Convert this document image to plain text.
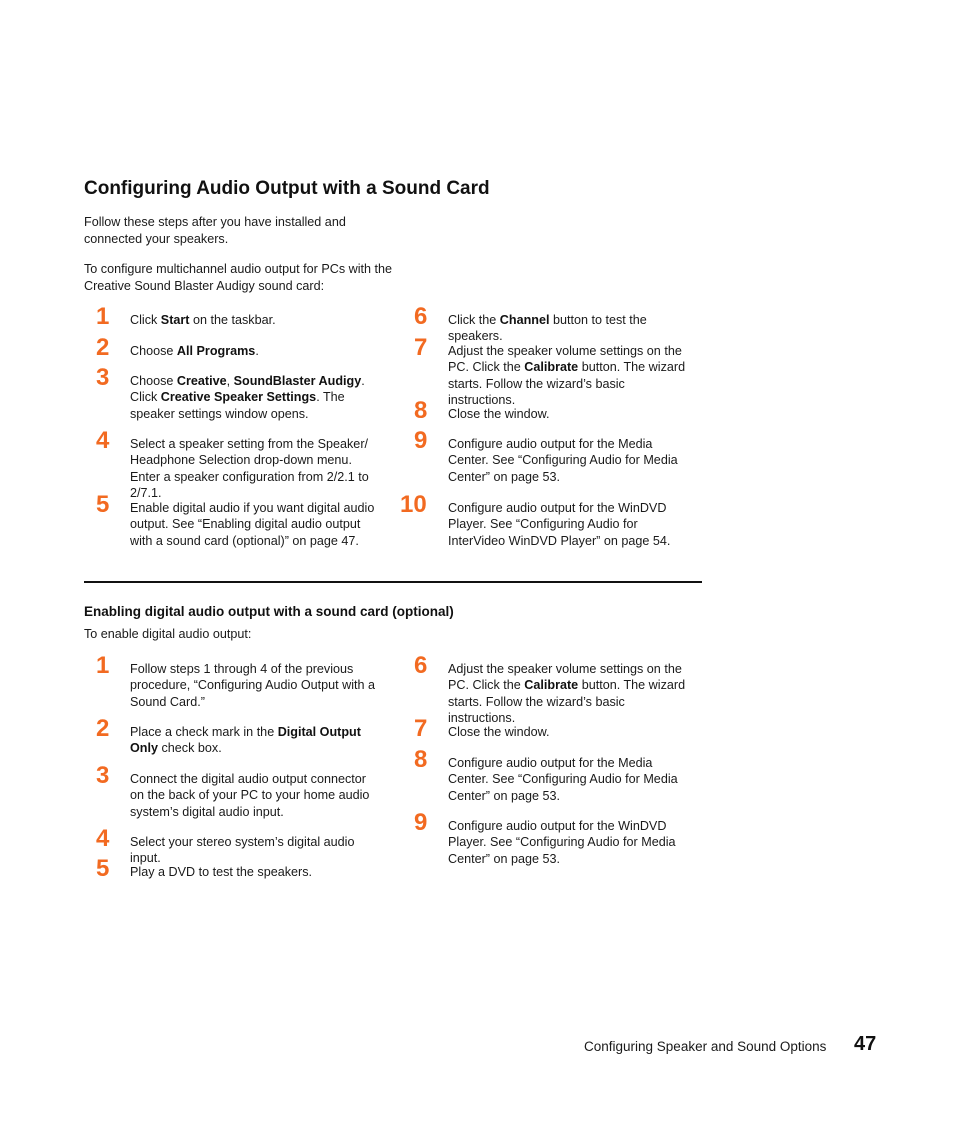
Configuring Audio Output with a Sound Card
Follow these steps after you have installed and connected your speakers.
To configure multichannel audio output for PCs with the Creative Sound Blaster Audigy sound card:
1	Click Start on the taskbar.
2	Choose All Programs.
3	Choose Creative, SoundBlaster Audigy. Click Creative Speaker Settings. The speaker settings window opens.
4	Select a speaker setting from the Speaker/ Headphone Selection drop-down menu. Enter a speaker configuration from 2/2.1 to 2/7.1.
5	Enable digital audio if you want digital audio output. See “Enabling digital audio output with a sound card (optional)” on page 47.
6	Click the Channel button to test the speakers.
7	Adjust the speaker volume settings on the PC. Click the Calibrate button. The wizard starts. Follow the wizard’s basic instructions.
8	Close the window.
9	Configure audio output for the Media Center. See “Configuring Audio for Media Center” on page 53.
10 Configure audio output for the WinDVD Player. See “Configuring Audio for InterVideo WinDVD Player” on page 54.
Enabling digital audio output with a sound card (optional)
To enable digital audio output:
1	Follow steps 1 through 4 of the previous procedure, “Configuring Audio Output with a Sound Card.”
2	Place a check mark in the Digital Output Only check box.
3	Connect the digital audio output connector on the back of your PC to your home audio system’s digital audio input.
4	Select your stereo system’s digital audio input.
5	Play a DVD to test the speakers.
6	Adjust the speaker volume settings on the PC. Click the Calibrate button. The wizard starts. Follow the wizard’s basic instructions.
7	Close the window.
8	Configure audio output for the Media Center. See “Configuring Audio for Media Center” on page 53.
9	Configure audio output for the WinDVD Player. See “Configuring Audio for Media Center” on page 53.
Configuring Speaker and Sound Options 47
